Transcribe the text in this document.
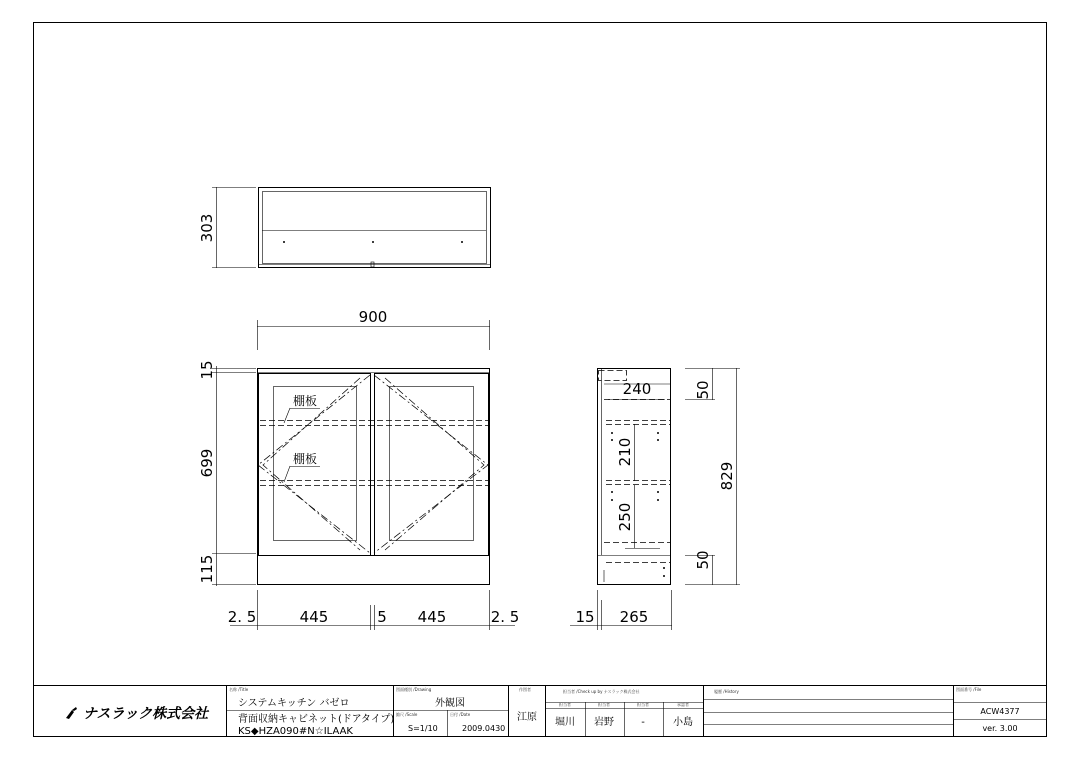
303
900
棚板
棚板
15
699
115
2. 5	445	5 445	2. 5
240
210
250
50
50
829
15 265
ナスラック株式会社
名称 /Title
システムキッチン バゼロ
背面収納キャビネット(ドアタイプ)
KS◆HZA090#N☆ILAAK
図面種別 /Drawing
外観図
縮尺 /Scale
S=1/10
日付 /Date
2009.0430
作図者
江原
担当者 /Check up by ナスラック株式会社
担当者	担当者	担当者	承認者
堀川 岩野	-	小島
履歴 /History	図面番号 /File
ACW4377
ver. 3.00
